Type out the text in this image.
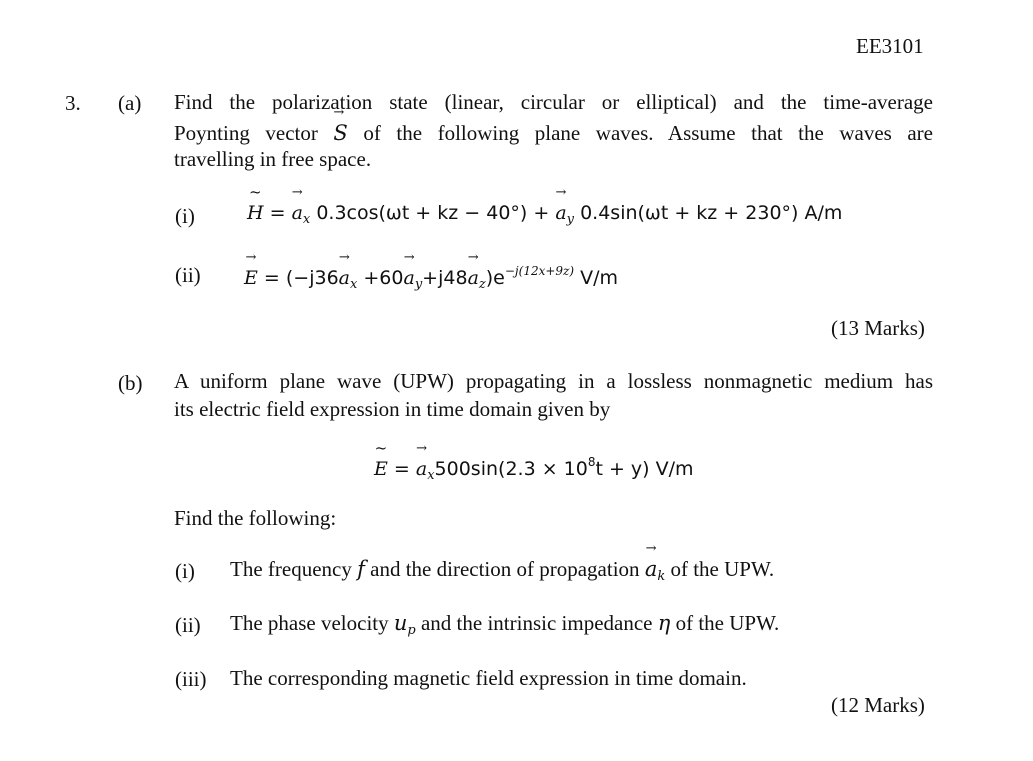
EE3101
3. (a) Find the polarization state (linear, circular or elliptical) and the time-average
Poynting vector S → of the following plane waves. Assume that the waves are
travelling in free space.
(i)	H ~ = $a \to_x$ 0.3cos(ωt + kz − $40^\circ) + a \to_y$ 0.4sin(ωt + kz + 230°) A/m
(ii) E → = $(-j36a \to_x +60a \to_y+j48a \to_z)e^{-j(12x+9z)}$ V/m
(13 Marks)
(b) A uniform plane wave (UPW) propagating in a lossless nonmagnetic medium has
its electric field expression in time domain given by
E ~ = $a \to_x500\sin(2.3 \times 10^8t + y)$ V/m
Find the following:
(i) The frequency f and the direction of propagation $a \to_k$ of the UPW.
(ii) The phase velocity $u_p$ and the intrinsic impedance η of the UPW.
(iii) The corresponding magnetic field expression in time domain.
(12 Marks)
